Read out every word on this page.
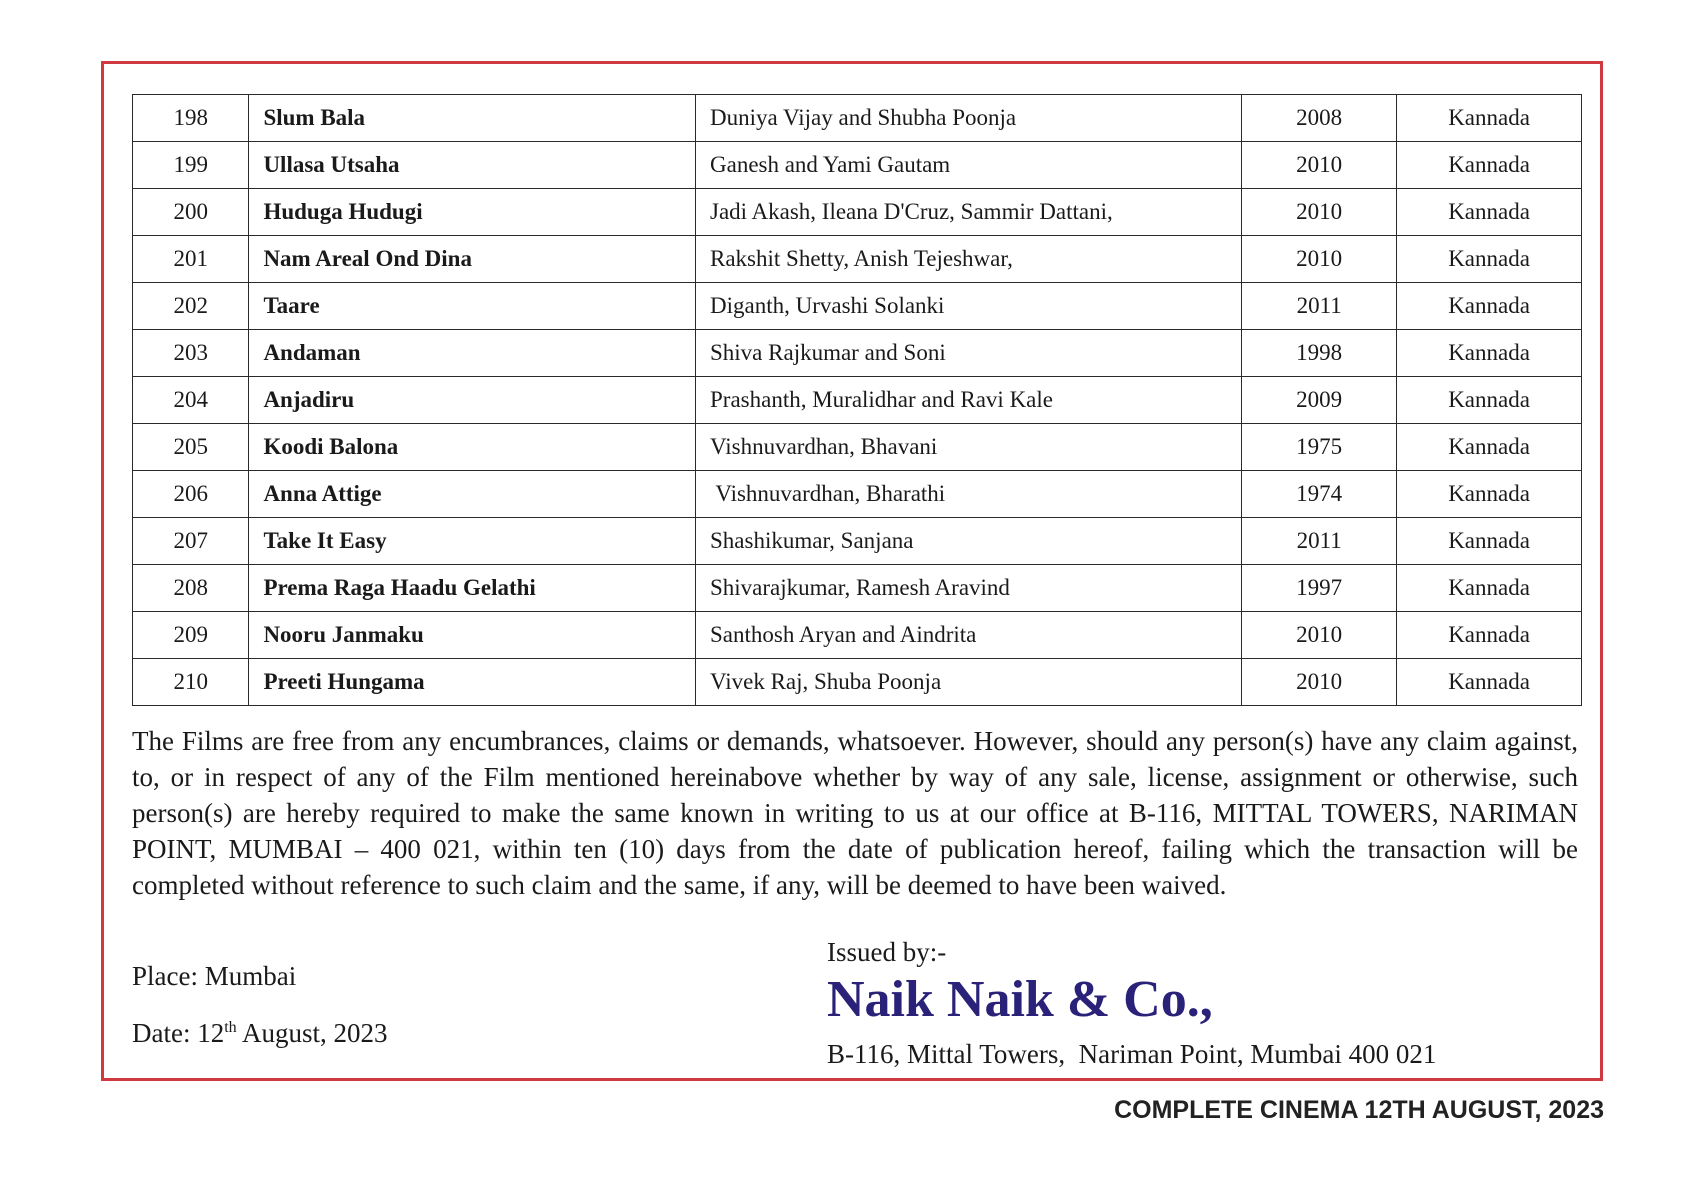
198	Slum Bala	Duniya Vijay and Shubha Poonja	2008	Kannada
199	Ullasa Utsaha	Ganesh and Yami Gautam	2010	Kannada
200	Huduga Hudugi	Jadi Akash, Ileana D'Cruz, Sammir Dattani,	2010	Kannada
201	Nam Areal Ond Dina	Rakshit Shetty, Anish Tejeshwar,	2010	Kannada
202	Taare	Diganth, Urvashi Solanki	2011	Kannada
203	Andaman	Shiva Rajkumar and Soni	1998	Kannada
204	Anjadiru	Prashanth, Muralidhar and Ravi Kale	2009	Kannada
205	Koodi Balona	Vishnuvardhan, Bhavani	1975	Kannada
206	Anna Attige	Vishnuvardhan, Bharathi	1974	Kannada
207	Take It Easy	Shashikumar, Sanjana	2011	Kannada
208	Prema Raga Haadu Gelathi	Shivarajkumar, Ramesh Aravind	1997	Kannada
209	Nooru Janmaku	Santhosh Aryan and Aindrita	2010	Kannada
210	Preeti Hungama	Vivek Raj, Shuba Poonja	2010	Kannada

The Films are free from any encumbrances, claims or demands, whatsoever. However, should any person(s) have any claim against, to, or in respect of any of the Film mentioned hereinabove whether by way of any sale, license, assignment or otherwise, such person(s) are hereby required to make the same known in writing to us at our office at B-116, MITTAL TOWERS, NARIMAN POINT, MUMBAI – 400 021, within ten (10) days from the date of publication hereof, failing which the transaction will be completed without reference to such claim and the same, if any, will be deemed to have been waived.

Place: Mumbai

Date: 12th August, 2023

Issued by:-

Naik Naik & Co.,

B-116, Mittal Towers,  Nariman Point, Mumbai 400 021

COMPLETE CINEMA 12TH AUGUST, 2023
